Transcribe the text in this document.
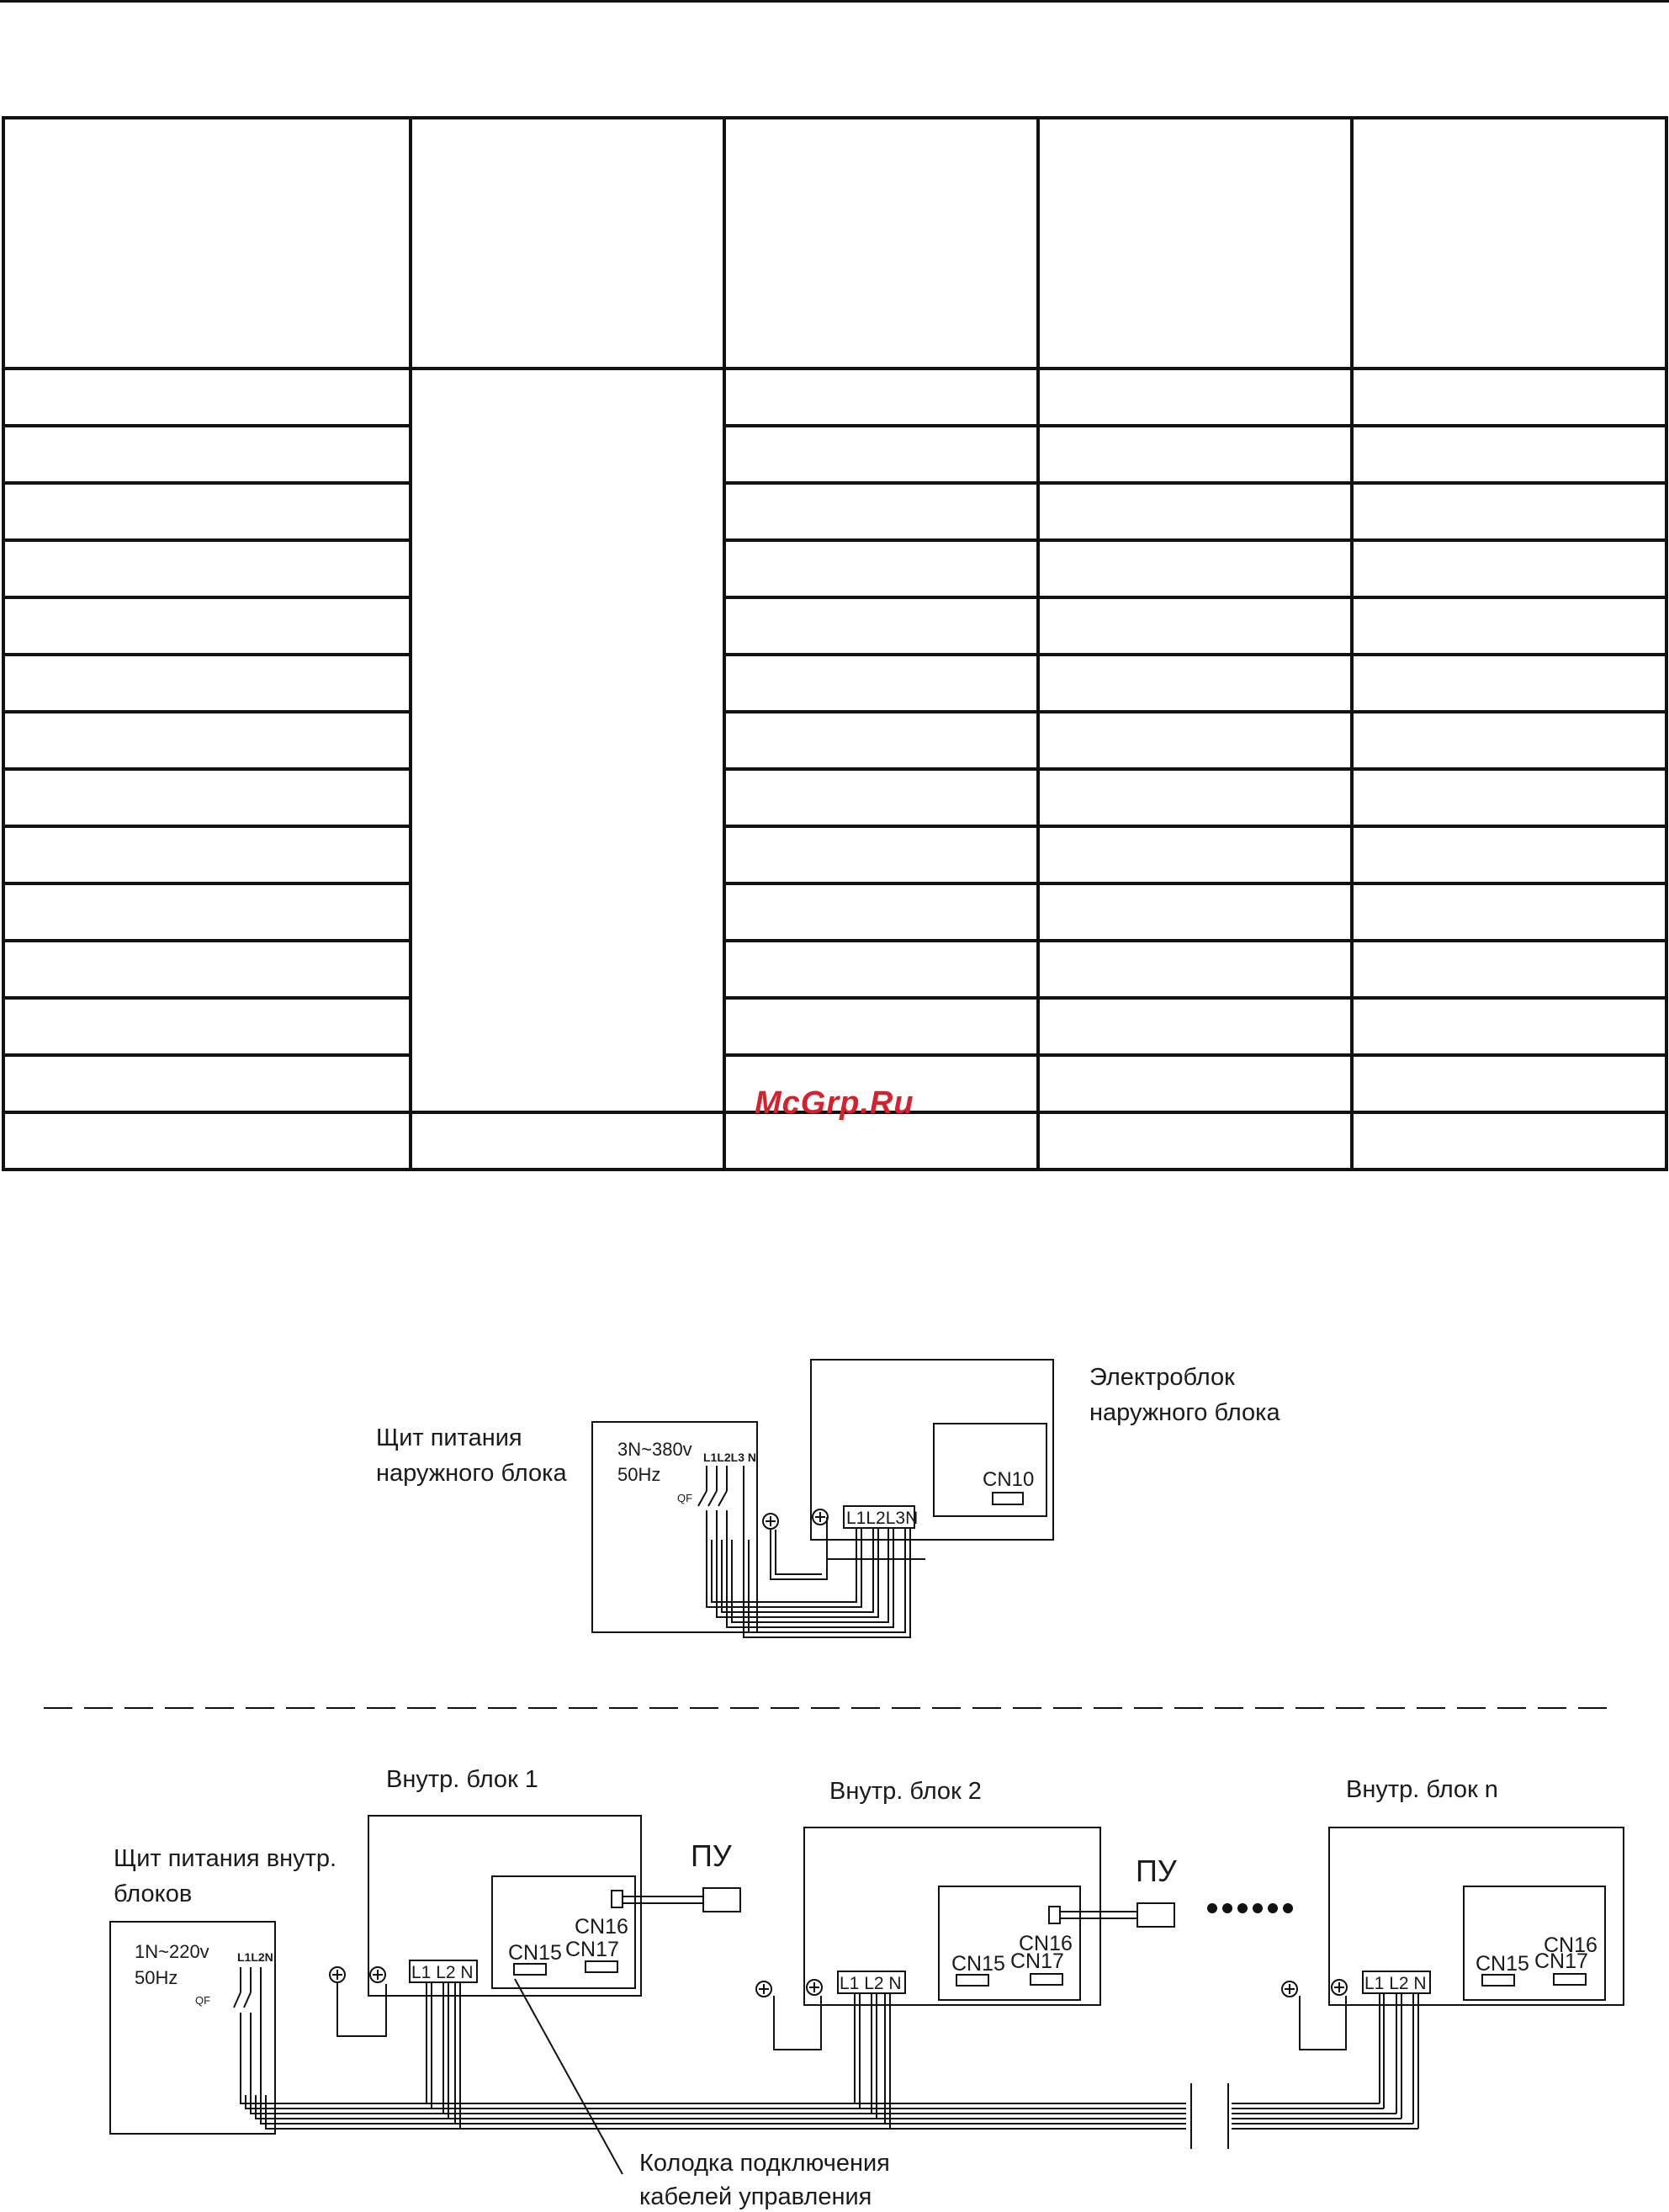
McGrp.Ru
Щит питания
наружного блока
3N~380v
50Hz
L1L2L3 N
QF
Электроблок
наружного блока
CN10
L1L2L3N
Щит питания внутр.
блоков
1N~220v
50Hz
L1L2N
QF
Внутр. блок 1
CN16
CN15 CN17
L1 L2 N
ПУ
Внутр. блок 2
CN16
CN15 CN17
L1 L2 N
ПУ
Внутр. блок n
CN16
CN15 CN17
L1 L2 N
Колодка подключения
кабелей управления
